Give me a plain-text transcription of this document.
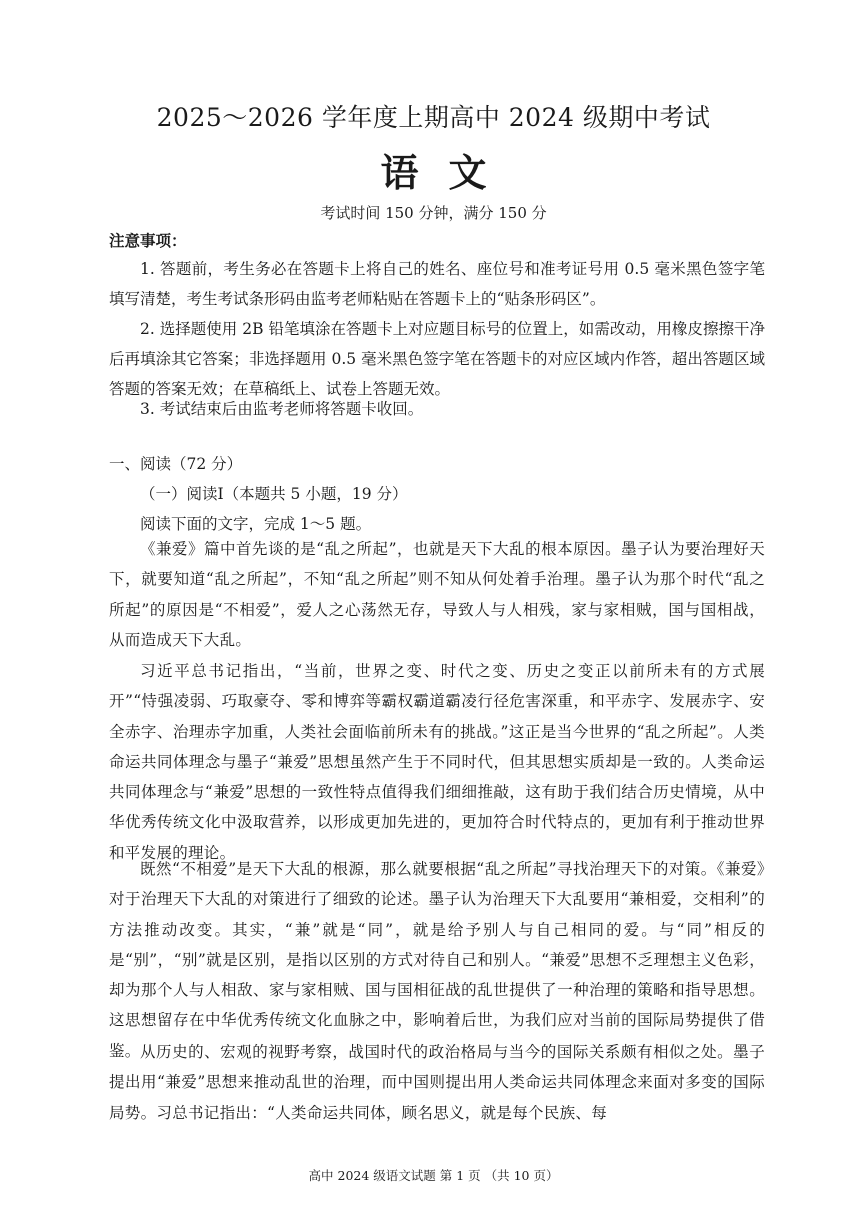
2025～2026 学年度上期高中 2024 级期中考试
语文
考试时间 150 分钟，满分 150 分
注意事项：
1. 答题前，考生务必在答题卡上将自己的姓名、座位号和准考证号用 0.5 毫米黑色签字笔填写清楚，考生考试条形码由监考老师粘贴在答题卡上的“贴条形码区”。
2. 选择题使用 2B 铅笔填涂在答题卡上对应题目标号的位置上，如需改动，用橡皮擦擦干净后再填涂其它答案；非选择题用 0.5 毫米黑色签字笔在答题卡的对应区域内作答，超出答题区域答题的答案无效；在草稿纸上、试卷上答题无效。
3. 考试结束后由监考老师将答题卡收回。
一、阅读（72 分）
（一）阅读Ⅰ（本题共 5 小题，19 分）
阅读下面的文字，完成 1～5 题。
《兼爱》篇中首先谈的是“乱之所起”，也就是天下大乱的根本原因。墨子认为要治理好天下，就要知道“乱之所起”，不知“乱之所起”则不知从何处着手治理。墨子认为那个时代“乱之所起”的原因是“不相爱”，爱人之心荡然无存，导致人与人相残，家与家相贼，国与国相战，从而造成天下大乱。
习近平总书记指出，“当前，世界之变、时代之变、历史之变正以前所未有的方式展开”“恃强凌弱、巧取豪夺、零和博弈等霸权霸道霸凌行径危害深重，和平赤字、发展赤字、安全赤字、治理赤字加重，人类社会面临前所未有的挑战。”这正是当今世界的“乱之所起”。人类命运共同体理念与墨子“兼爱”思想虽然产生于不同时代，但其思想实质却是一致的。人类命运共同体理念与“兼爱”思想的一致性特点值得我们细细推敲，这有助于我们结合历史情境，从中华优秀传统文化中汲取营养，以形成更加先进的，更加符合时代特点的，更加有利于推动世界和平发展的理论。
既然“不相爱”是天下大乱的根源，那么就要根据“乱之所起”寻找治理天下的对策。《兼爱》对于治理天下大乱的对策进行了细致的论述。墨子认为治理天下大乱要用“兼相爱，交相利”的方法推动改变。其实，“兼”就是“同”，就是给予别人与自己相同的爱。与“同”相反的是“别”，“别”就是区别，是指以区别的方式对待自己和别人。“兼爱”思想不乏理想主义色彩，却为那个人与人相敌、家与家相贼、国与国相征战的乱世提供了一种治理的策略和指导思想。这思想留存在中华优秀传统文化血脉之中，影响着后世，为我们应对当前的国际局势提供了借鉴。 从历史的、宏观的视野考察，战国时代的政治格局与当今的国际关系颇有相似之处。墨子提出用“兼爱”思想来推动乱世的治理，而中国则提出用人类命运共同体理念来面对多变的国际局势。习总书记指出：“人类命运共同体，顾名思义，就是每个民族、每
高中 2024 级语文试题 第 1 页 （共 10 页）
